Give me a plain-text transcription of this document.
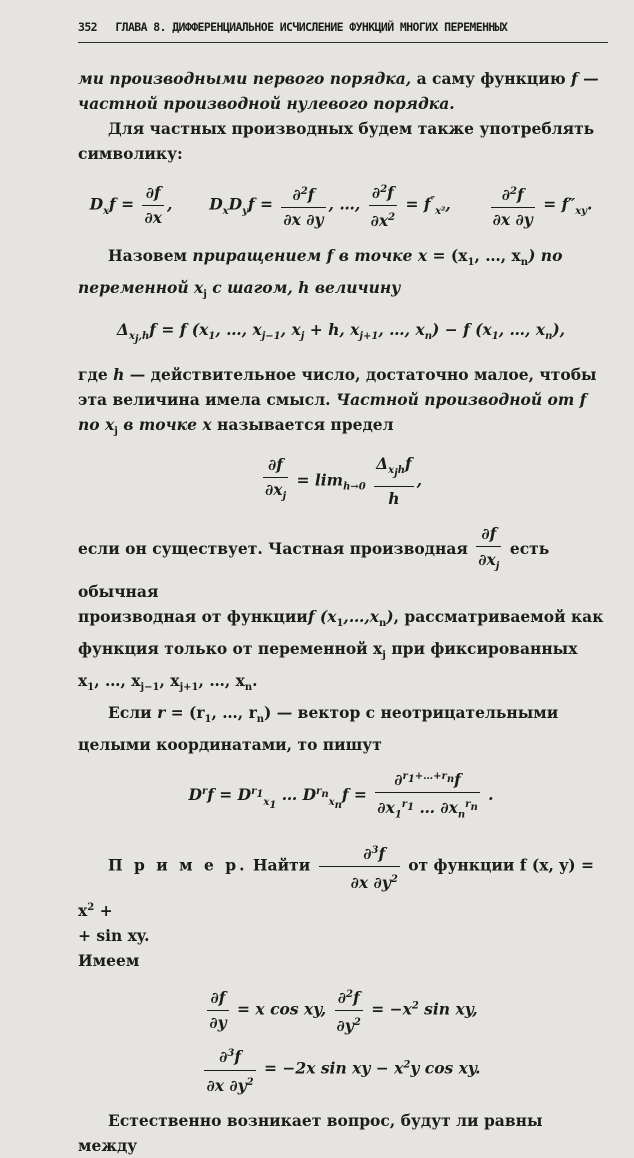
352 ГЛАВА 8. ДИФФЕРЕНЦИАЛЬНОЕ ИСЧИСЛЕНИЕ ФУНКЦИЙ МНОГИХ ПЕРЕМЕННЫХ

ми производными первого порядка, а саму функцию f — частной производной нулевого порядка.

Для частных производных будем также употреблять символику:

$D_xf = \frac{\partial f}{\partial x}$ ,  $D_xD_yf = \frac{\partial^2f}{\partial x \partial y}$ , …, $\frac{\partial^2f}{\partial x^2} = f''_{x^2}$, $\frac{\partial^2f}{\partial x \partial y} = f''_{xy}$.

Назовем приращением f в точке $x = (x_1$, …, $x_n$) по переменной $x_j$ с шагом, h величину

$\Delta_{x_j,h}f = f$ ($x_1$, …, $x_{j-1}$, $x_j + h$, $x_{j+1}$, …, $x_n) - f$ ($x_1$, …, $x_n$),

где h — действительное число, достаточно малое, чтобы эта величина имела смысл. Частной производной от f по $x_j$ в точке x называется предел

$\frac{\partial f}{\partial x_j} = \lim_{h\to 0} \frac{\Delta_{x_jh}f}{h}$ ,

если он существует. Частная производная $\frac{\partial f}{\partial x_j}$ есть обычная

производная от функцииf $(x_1,\dots,x_n)$, рассматриваемой как функция только от переменной $x_j$ при фиксированных $x_1$, …, $x_{j-1}$, $x_{j+1}$, …, $x_n$.

Если $r = (r_1$, …, $r_n$) — вектор с неотрицательными целыми координатами, то пишут

$D^rf = D^{r_1}_{x_1}$ … $D^{r_n}_{x_n}f = \frac{\partial^{r_1+\dots+r_n}f}{\partial x_1^{r_1} \dots \partial x_n^{r_n}}$ .

П р и м е р. Найти $\frac{\partial^3f}{\partial x \partial y^2}$ от функции f (x, $y) = x^2$ +

+ sin xy.

Имеем

$\frac{\partial f}{\partial y} = x$ cos xy, $\frac{\partial^2f}{\partial y^2} = -x^2$ sin xy,
$\frac{\partial^3f}{\partial x \partial y^2} = -2x$ sin xy − $x^2y$ cos xy.

Естественно возникает вопрос, будут ли равны между
